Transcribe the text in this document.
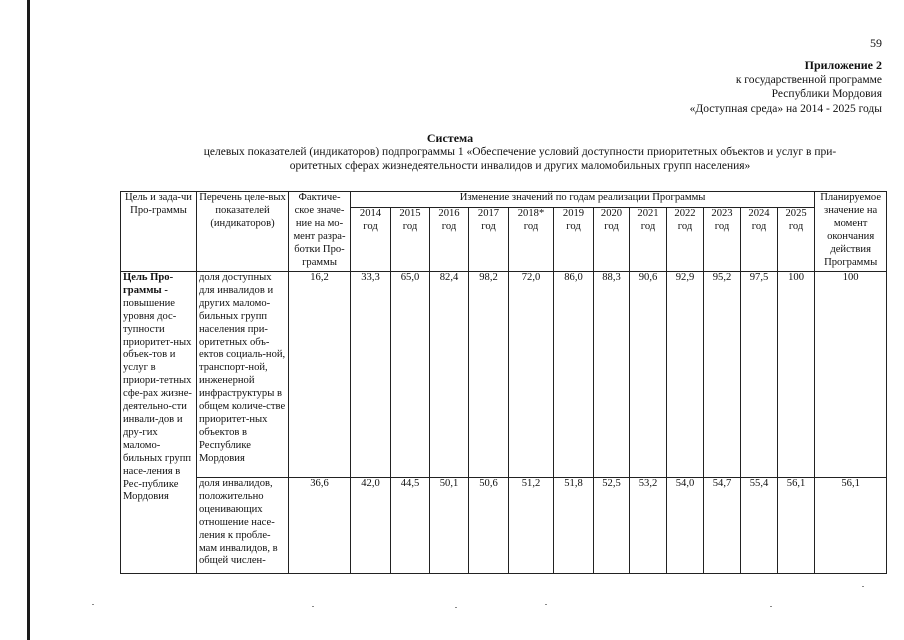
59
Приложение 2
к государственной программе
Республики Мордовия
«Доступная среда» на 2014 - 2025 годы
Система
целевых показателей (индикаторов) подпрограммы 1 «Обеспечение условий доступности приоритетных объектов и услуг в при-
оритетных сферах жизнедеятельности инвалидов и других маломобильных групп населения»
Цель и зада-чи Про-граммы	Перечень целе-вых показателей (индикаторов)	Фактиче-ское значе-ние на мо-мент разра-ботки Про-граммы	Изменение значений по годам реализации Программы												Планируемое значение на момент окончания действия Программы
			2014 год	2015 год	2016 год	2017 год	2018* год	2019 год	2020 год	2021 год	2022 год	2023 год	2024 год	2025 год	
Цель Про-граммы - повышение уровня дос-тупности приоритет-ных объек-тов и услуг в приори-тетных сфе-рах жизне-деятельно-сти инвали-дов и дру-гих маломо-бильных групп насе-ления в Рес-публике Мордовия	доля доступных для инвалидов и других маломо-бильных групп населения при-оритетных объ-ектов социаль-ной, транспорт-ной, инженерной инфраструктуры в общем количе-стве приоритет-ных объектов в Республике Мордовия	16,2	33,3	65,0	82,4	98,2	72,0	86,0	88,3	90,6	92,9	95,2	97,5	100	100
	доля инвалидов, положительно оценивающих отношение насе-ления к пробле-мам инвалидов, в общей числен-	36,6	42,0	44,5	50,1	50,6	51,2	51,8	52,5	53,2	54,0	54,7	55,4	56,1	56,1
